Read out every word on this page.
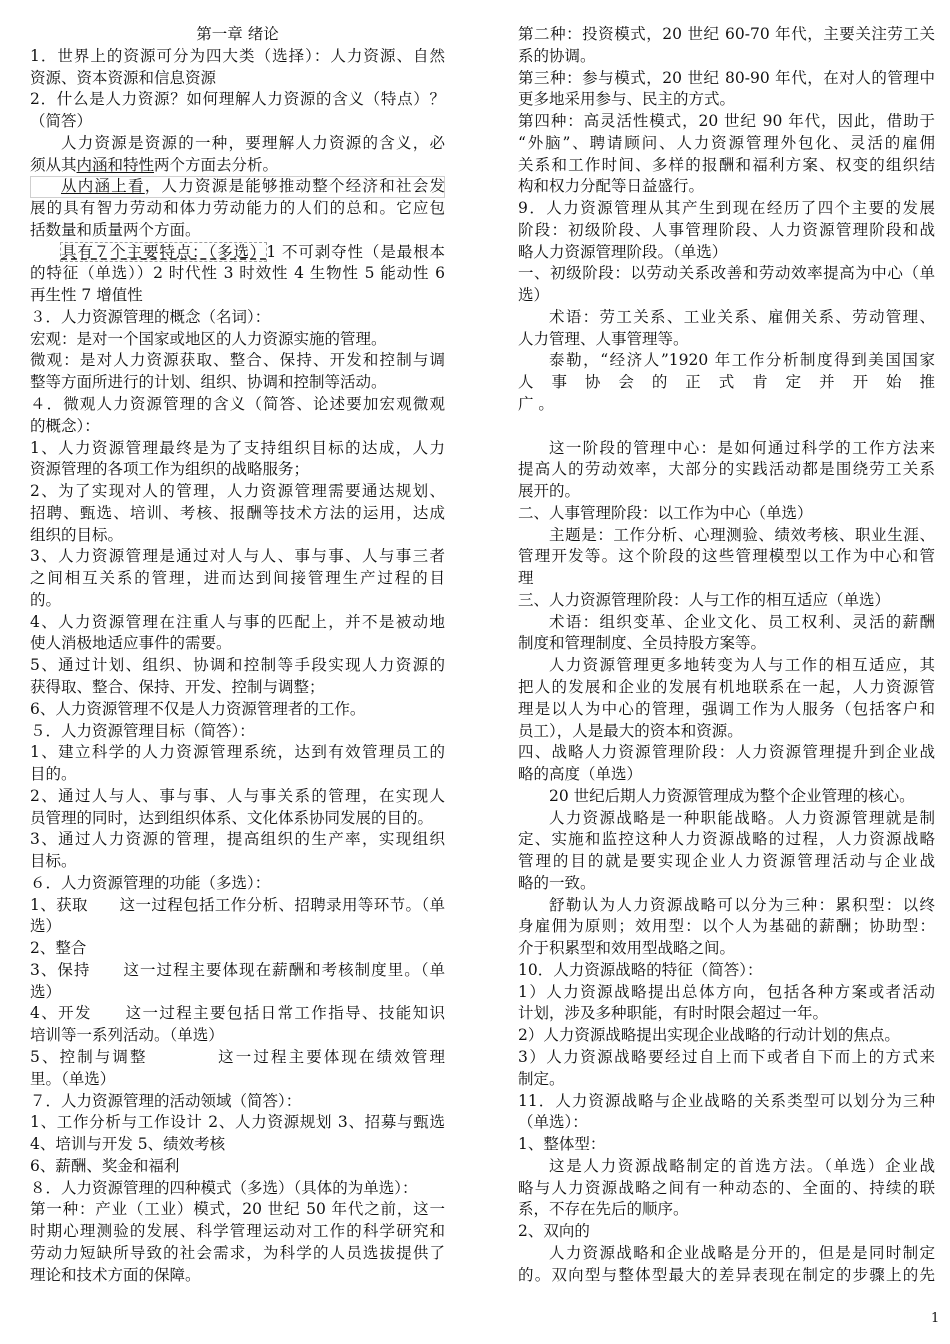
第一章 绪论
1．世界上的资源可分为四大类（选择）：人力资源、自然
资源、资本资源和信息资源
2．什么是人力资源？如何理解人力资源的含义（特点）？
（简答）
人力资源是资源的一种，要理解人力资源的含义，必
须从其内涵和特性两个方面去分析。
从内涵上看，人力资源是能够推动整个经济和社会发
展的具有智力劳动和体力劳动能力的人们的总和。它应包
括数量和质量两个方面。
具有７个主要特点：（多选）1 不可剥夺性（是最根本
的特征（单选））2 时代性 3 时效性 4 生物性 5 能动性 6
再生性 7 增值性
３．人力资源管理的概念（名词）：
宏观：是对一个国家或地区的人力资源实施的管理。
微观：是对人力资源获取、整合、保持、开发和控制与调
整等方面所进行的计划、组织、协调和控制等活动。
４．微观人力资源管理的含义（简答、论述要加宏观微观
的概念）：
1、人力资源管理最终是为了支持组织目标的达成，人力
资源管理的各项工作为组织的战略服务；
2、为了实现对人的管理，人力资源管理需要通达规划、
招聘、甄选、培训、考核、报酬等技术方法的运用，达成
组织的目标。
3、人力资源管理是通过对人与人、事与事、人与事三者
之间相互关系的管理，进而达到间接管理生产过程的目
的。
4、人力资源管理在注重人与事的匹配上，并不是被动地
使人消极地适应事件的需要。
5、通过计划、组织、协调和控制等手段实现人力资源的
获得取、整合、保持、开发、控制与调整；
6、人力资源管理不仅是人力资源管理者的工作。
５．人力资源管理目标（简答）：
1、建立科学的人力资源管理系统，达到有效管理员工的
目的。
2、通过人与人、事与事、人与事关系的管理，在实现人
员管理的同时，达到组织体系、文化体系协同发展的目的。
3、通过人力资源的管理，提高组织的生产率，实现组织
目标。
６．人力资源管理的功能（多选）：
1、获取　　这一过程包括工作分析、招聘录用等环节。（单
选）
2、整合
3、保持　　这一过程主要体现在薪酬和考核制度里。（单
选）
4、开发　　这一过程主要包括日常工作指导、技能知识
培训等一系列活动。（单选）
5、控制与调整　　　　这一过程主要体现在绩效管理
里。（单选）
７．人力资源管理的活动领域（简答）：
1、工作分析与工作设计 2、人力资源规划 3、招募与甄选
4、培训与开发 5、绩效考核
6、薪酬、奖金和福利
８．人力资源管理的四种模式（多选）（具体的为单选）：
第一种：产业（工业）模式，20 世纪 50 年代之前，这一
时期心理测验的发展、科学管理运动对工作的科学研究和
劳动力短缺所导致的社会需求，为科学的人员选拔提供了
理论和技术方面的保障。
第二种：投资模式，20 世纪 60-70 年代，主要关注劳工关
系的协调。
第三种：参与模式，20 世纪 80-90 年代，在对人的管理中
更多地采用参与、民主的方式。
第四种：高灵活性模式，20 世纪 90 年代，因此，借助于
“外脑”、聘请顾问、人力资源管理外包化、灵活的雇佣
关系和工作时间、多样的报酬和福利方案、权变的组织结
构和权力分配等日益盛行。
9．人力资源管理从其产生到现在经历了四个主要的发展
阶段：初级阶段、人事管理阶段、人力资源管理阶段和战
略人力资源管理阶段。（单选）
一、初级阶段：以劳动关系改善和劳动效率提高为中心（单
选）
术语：劳工关系、工业关系、雇佣关系、劳动管理、
人力管理、人事管理等。
泰勒，“经济人”1920 年工作分析制度得到美国国家
人 事 协 会 的 正 式 肯 定 并 开 始 推
广 。
这一阶段的管理中心：是如何通过科学的工作方法来
提高人的劳动效率，大部分的实践活动都是围绕劳工关系
展开的。
二、人事管理阶段：以工作为中心（单选）
主题是：工作分析、心理测验、绩效考核、职业生涯、
管理开发等。这个阶段的这些管理模型以工作为中心和管
理
三、人力资源管理阶段：人与工作的相互适应（单选）
术语：组织变革、企业文化、员工权利、灵活的薪酬
制度和管理制度、全员持股方案等。
人力资源管理更多地转变为人与工作的相互适应，其
把人的发展和企业的发展有机地联系在一起，人力资源管
理是以人为中心的管理，强调工作为人服务（包括客户和
员工），人是最大的资本和资源。
四、战略人力资源管理阶段：人力资源管理提升到企业战
略的高度（单选）
20 世纪后期人力资源管理成为整个企业管理的核心。
人力资源战略是一种职能战略。人力资源管理就是制
定、实施和监控这种人力资源战略的过程，人力资源战略
管理的目的就是要实现企业人力资源管理活动与企业战
略的一致。
舒勒认为人力资源战略可以分为三种：累积型：以终
身雇佣为原则；效用型：以个人为基础的薪酬；协助型：
介于积累型和效用型战略之间。
10．人力资源战略的特征（简答）：
1）人力资源战略提出总体方向，包括各种方案或者活动
计划，涉及多种职能，有时时限会超过一年。
2）人力资源战略提出实现企业战略的行动计划的焦点。
3）人力资源战略要经过自上而下或者自下而上的方式来
制定。
11．人力资源战略与企业战略的关系类型可以划分为三种
（单选）：
1、整体型：
这是人力资源战略制定的首选方法。（单选）企业战
略与人力资源战略之间有一种动态的、全面的、持续的联
系，不存在先后的顺序。
2、双向的
人力资源战略和企业战略是分开的，但是是同时制定
的。双向型与整体型最大的差异表现在制定的步骤上的先
1
